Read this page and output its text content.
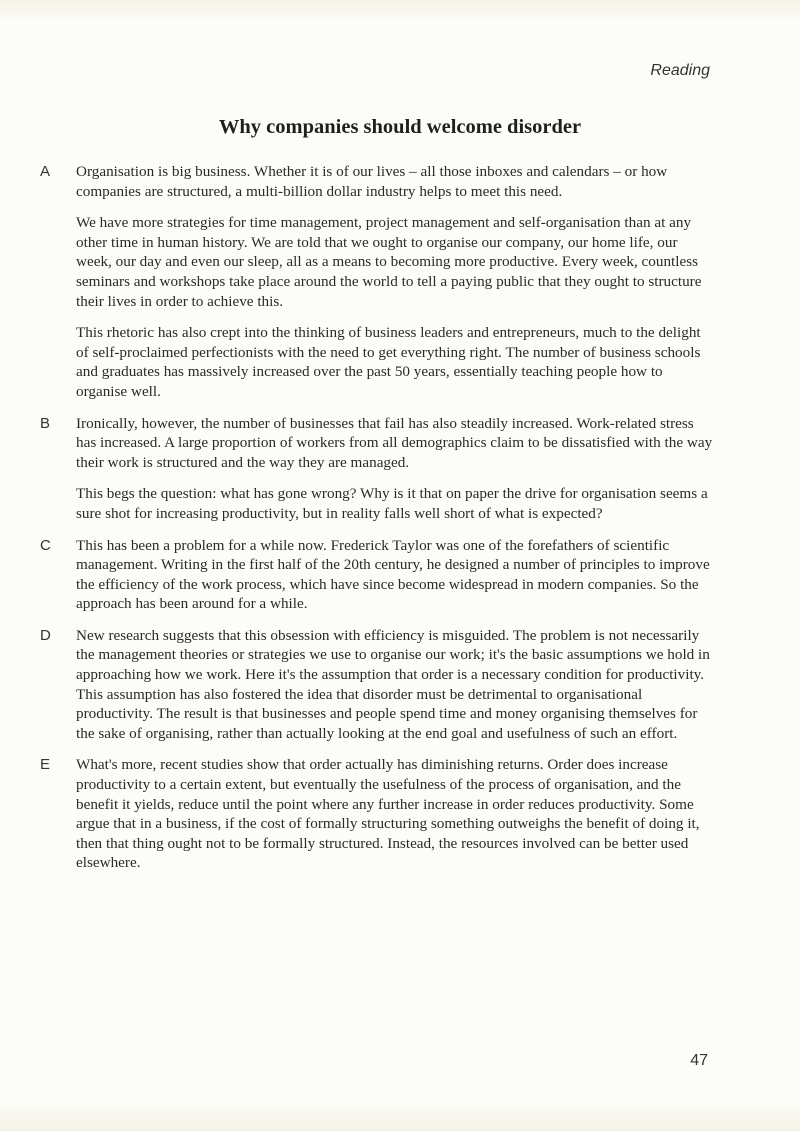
Reading
Why companies should welcome disorder
A Organisation is big business. Whether it is of our lives – all those inboxes and calendars – or how companies are structured, a multi-billion dollar industry helps to meet this need.

We have more strategies for time management, project management and self-organisation than at any other time in human history. We are told that we ought to organise our company, our home life, our week, our day and even our sleep, all as a means to becoming more productive. Every week, countless seminars and workshops take place around the world to tell a paying public that they ought to structure their lives in order to achieve this.

This rhetoric has also crept into the thinking of business leaders and entrepreneurs, much to the delight of self-proclaimed perfectionists with the need to get everything right. The number of business schools and graduates has massively increased over the past 50 years, essentially teaching people how to organise well.

B Ironically, however, the number of businesses that fail has also steadily increased. Work-related stress has increased. A large proportion of workers from all demographics claim to be dissatisfied with the way their work is structured and the way they are managed.

This begs the question: what has gone wrong? Why is it that on paper the drive for organisation seems a sure shot for increasing productivity, but in reality falls well short of what is expected?

C This has been a problem for a while now. Frederick Taylor was one of the forefathers of scientific management. Writing in the first half of the 20th century, he designed a number of principles to improve the efficiency of the work process, which have since become widespread in modern companies. So the approach has been around for a while.

D New research suggests that this obsession with efficiency is misguided. The problem is not necessarily the management theories or strategies we use to organise our work; it's the basic assumptions we hold in approaching how we work. Here it's the assumption that order is a necessary condition for productivity. This assumption has also fostered the idea that disorder must be detrimental to organisational productivity. The result is that businesses and people spend time and money organising themselves for the sake of organising, rather than actually looking at the end goal and usefulness of such an effort.

E What's more, recent studies show that order actually has diminishing returns. Order does increase productivity to a certain extent, but eventually the usefulness of the process of organisation, and the benefit it yields, reduce until the point where any further increase in order reduces productivity. Some argue that in a business, if the cost of formally structuring something outweighs the benefit of doing it, then that thing ought not to be formally structured. Instead, the resources involved can be better used elsewhere.

47
